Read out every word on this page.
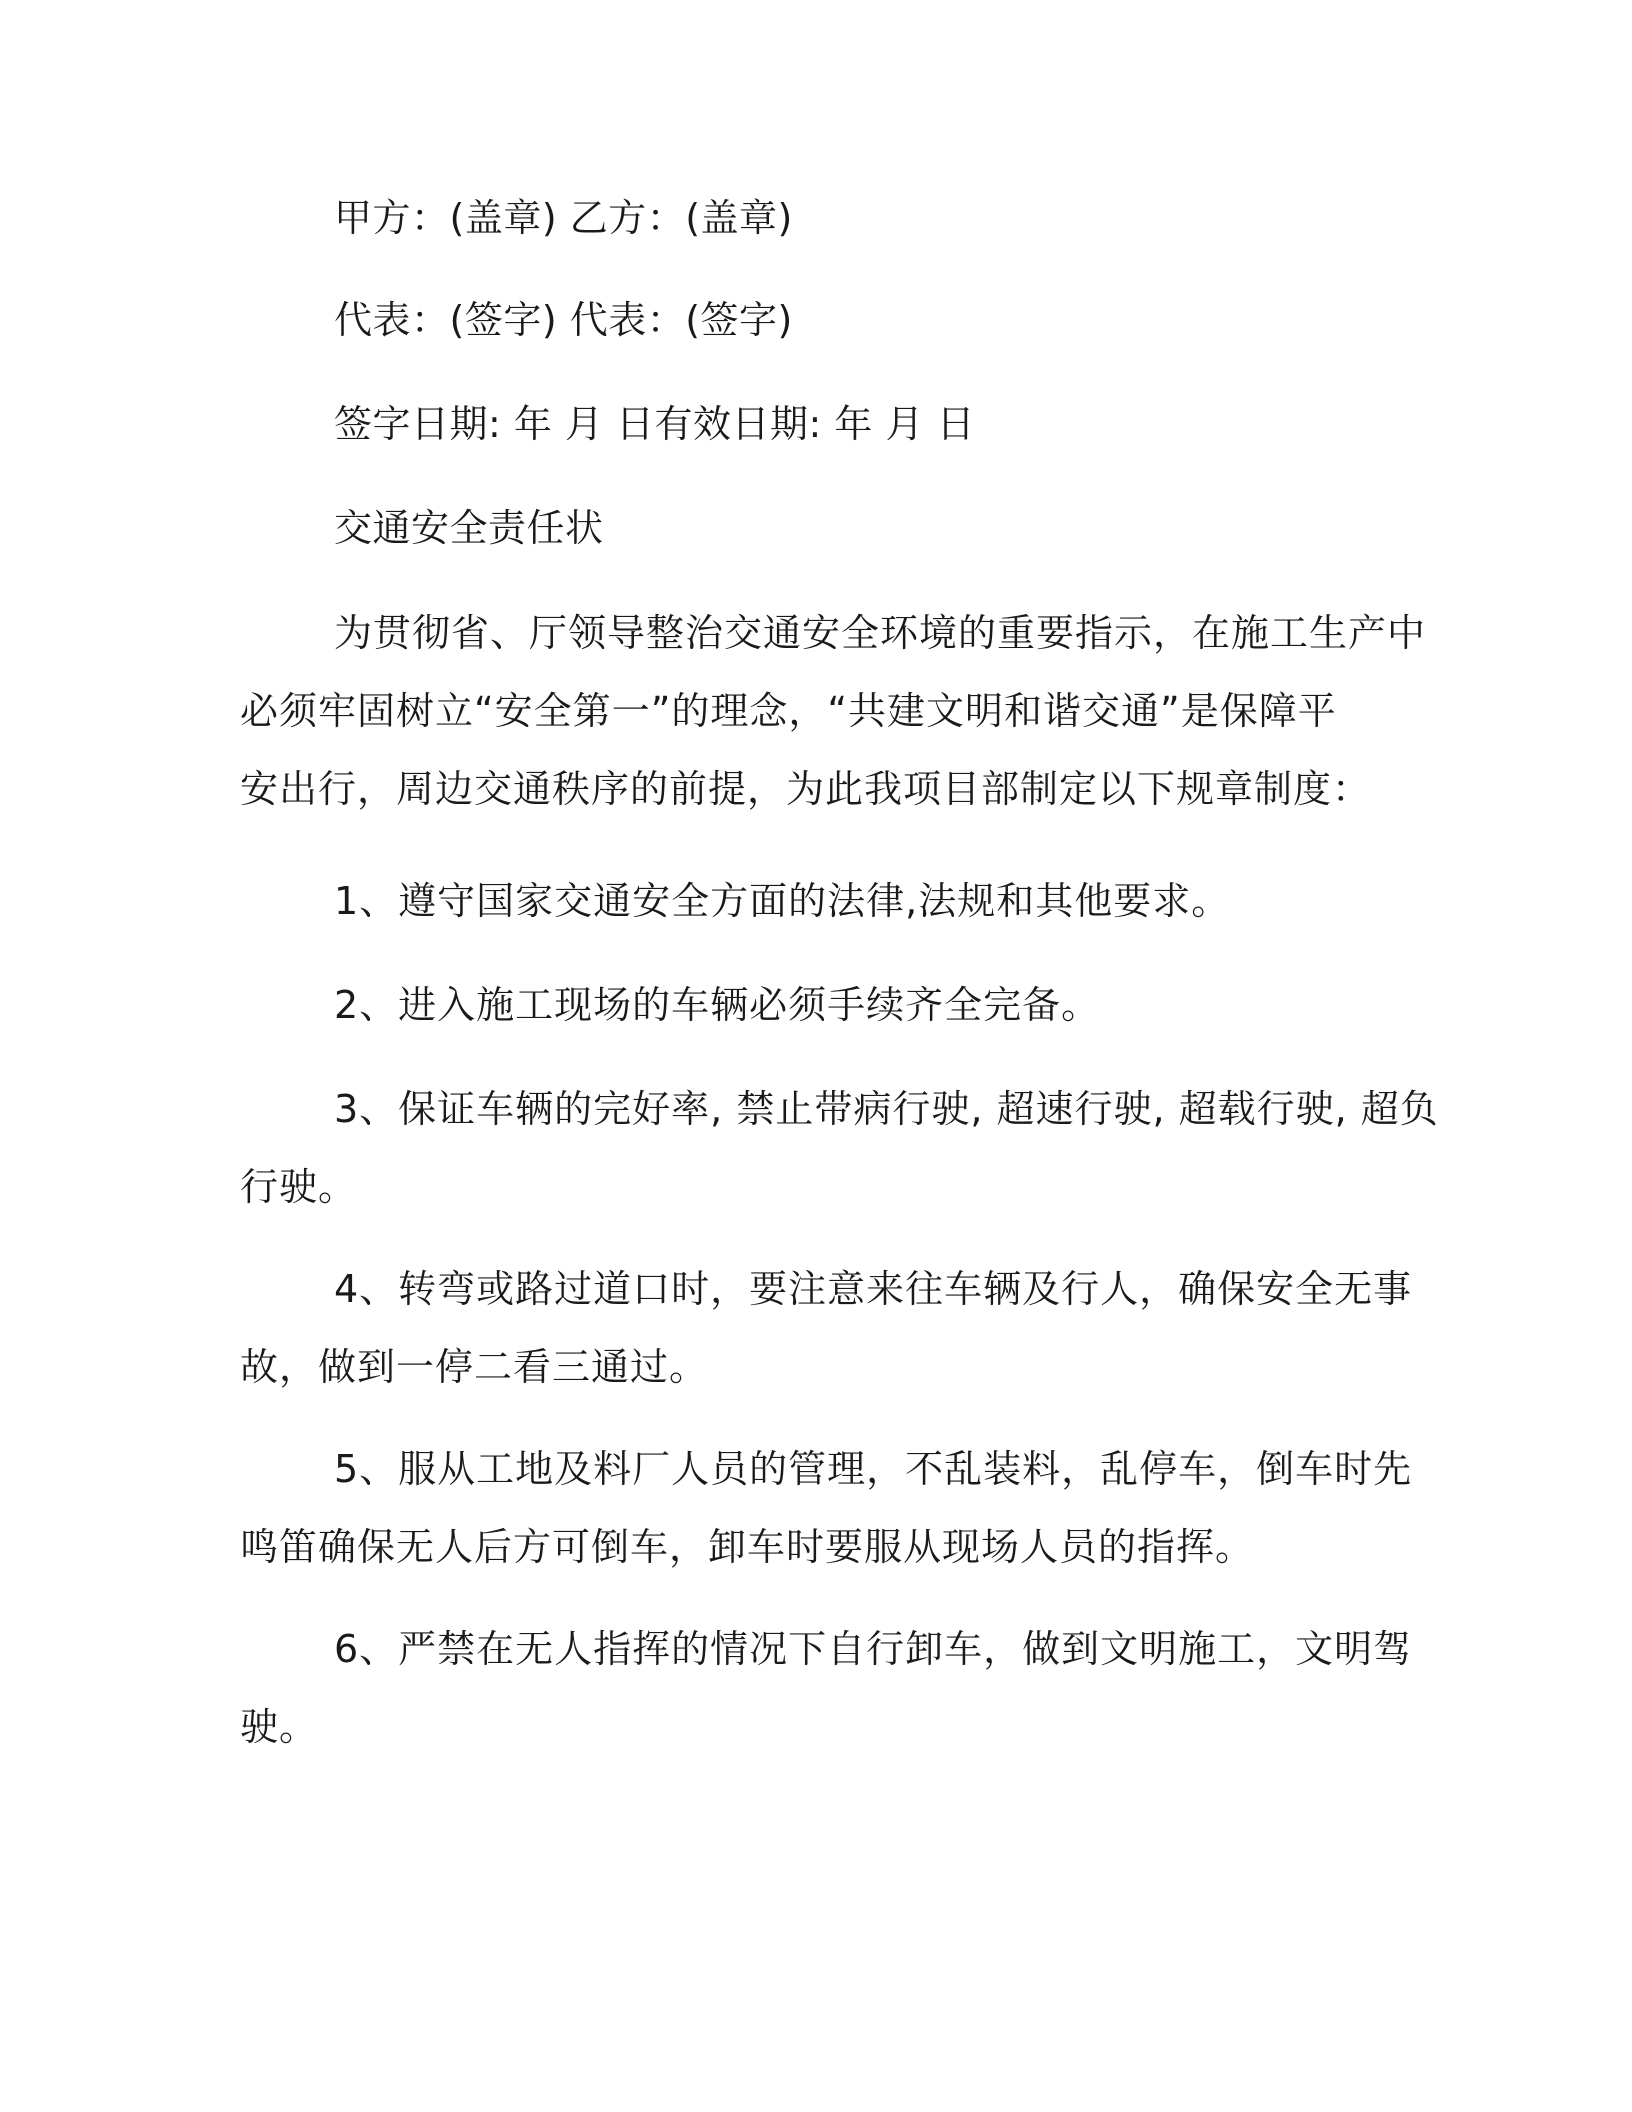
甲方：(盖章) 乙方：(盖章)
代表：(签字) 代表：(签字)
签字日期: 年 月 日有效日期: 年 月 日
交通安全责任状
为贯彻省、厅领导整治交通安全环境的重要指示，在施工生产中
必须牢固树立“安全第一”的理念，“共建文明和谐交通”是保障平
安出行，周边交通秩序的前提，为此我项目部制定以下规章制度：
1、遵守国家交通安全方面的法律,法规和其他要求。
2、进入施工现场的车辆必须手续齐全完备。
3、保证车辆的完好率, 禁止带病行驶, 超速行驶, 超载行驶, 超负
行驶。
4、转弯或路过道口时，要注意来往车辆及行人，确保安全无事
故，做到一停二看三通过。
5、服从工地及料厂人员的管理，不乱装料，乱停车，倒车时先
鸣笛确保无人后方可倒车，卸车时要服从现场人员的指挥。
6、严禁在无人指挥的情况下自行卸车，做到文明施工，文明驾
驶。
